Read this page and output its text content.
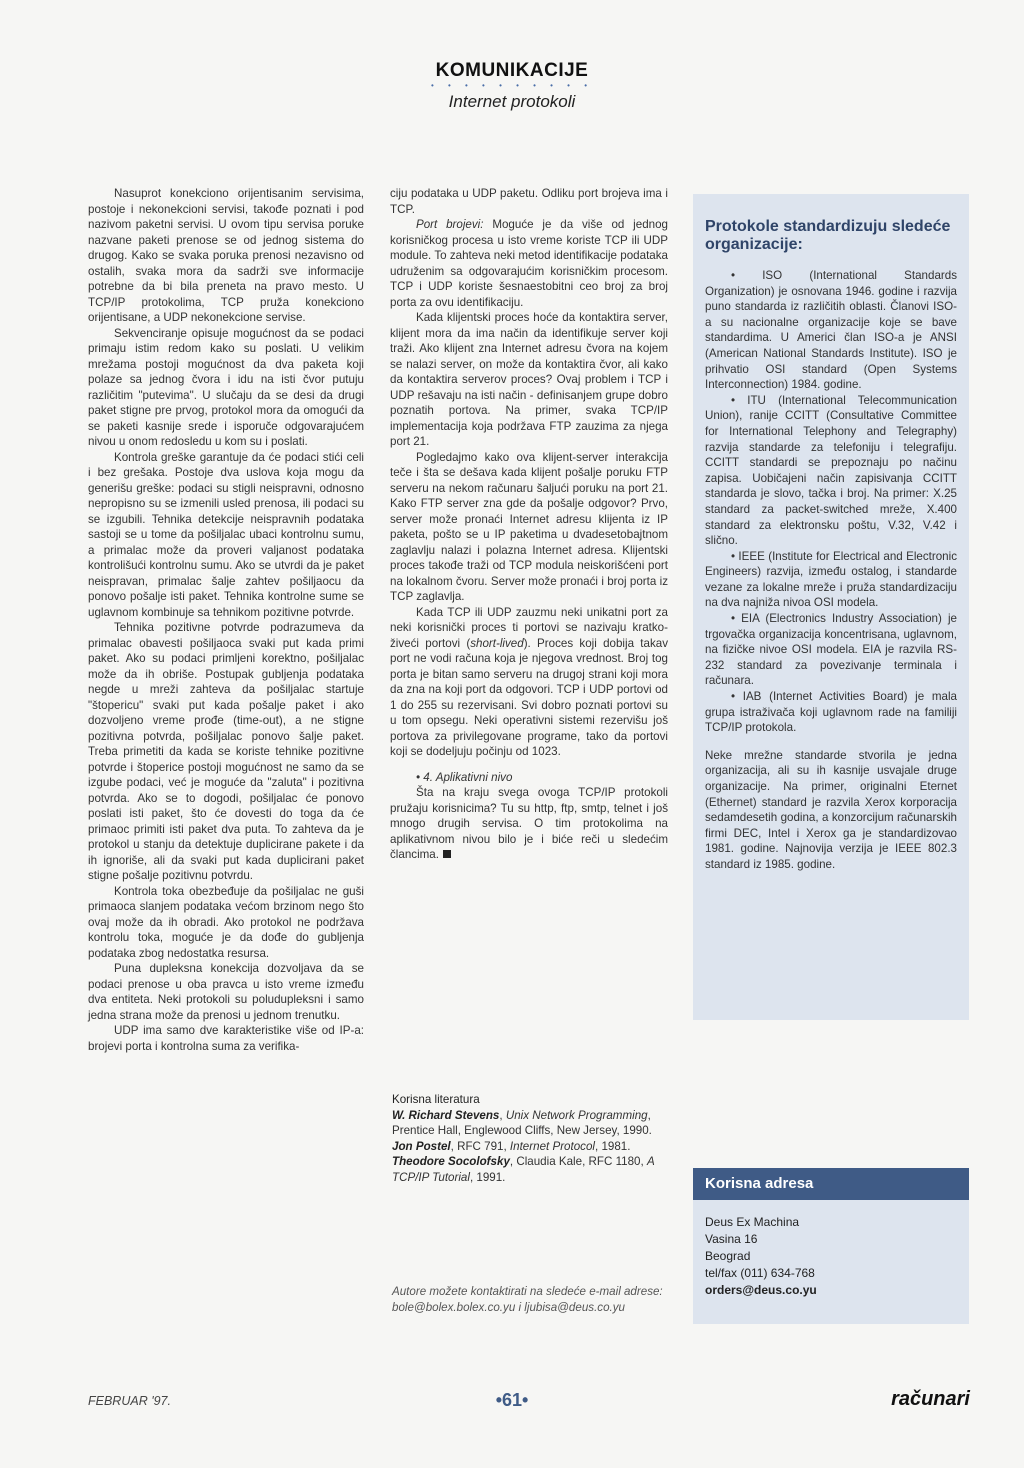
KOMUNIKACIJE
• • • • • • • • • •
Internet protokoli

Nasuprot konekciono orijentisanim servisima, postoje i nekonekcioni servisi, takođe poznati i pod nazivom paketni servisi. U ovom tipu servisa poruke nazvane paketi prenose se od jednog sistema do drugog. Kako se svaka poruka prenosi nezavisno od ostalih, svaka mora da sadrži sve informacije potrebne da bi bila preneta na pravo mesto. U TCP/IP protokolima, TCP pruža konekciono orijentisane, a UDP nekonekcione servise.

Sekvenciranje opisuje mogućnost da se podaci primaju istim redom kako su poslati. U velikim mrežama postoji mogućnost da dva paketa koji polaze sa jednog čvora i idu na isti čvor putuju različitim "putevima". U slučaju da se desi da drugi paket stigne pre prvog, protokol mora da omogući da se paketi kasnije srede i isporuče odgovarajućem nivou u onom redosledu u kom su i poslati.

Kontrola greške garantuje da će podaci stići celi i bez grešaka. Postoje dva uslova koja mogu da generišu greške: podaci su stigli neispravni, odnosno nepropisno su se izmenili usled prenosa, ili podaci su se izgubili. Tehnika detekcije neispravnih podataka sastoji se u tome da pošiljalac ubaci kontrolnu sumu, a primalac može da proveri valjanost podataka kontrolišući kontrolnu sumu. Ako se utvrdi da je paket neispravan, primalac šalje zahtev pošiljaocu da ponovo pošalje isti paket. Tehnika kontrolne sume se uglavnom kombinuje sa tehnikom pozitivne potvrde.

Tehnika pozitivne potvrde podrazumeva da primalac obavesti pošiljaoca svaki put kada primi paket. Ako su podaci primljeni korektno, pošiljalac može da ih obriše. Postupak gubljenja podataka negde u mreži zahteva da pošiljalac startuje "štopericu" svaki put kada pošalje paket i ako dozvoljeno vreme prođe (time-out), a ne stigne pozitivna potvrda, pošiljalac ponovo šalje paket. Treba primetiti da kada se koriste tehnike pozitivne potvrde i štoperice postoji mogućnost ne samo da se izgube podaci, već je moguće da "zaluta" i pozitivna potvrda. Ako se to dogodi, pošiljalac će ponovo poslati isti paket, što će dovesti do toga da će primaoc primiti isti paket dva puta. To zahteva da je protokol u stanju da detektuje duplicirane pakete i da ih ignoriše, ali da svaki put kada duplicirani paket stigne pošalje pozitivnu potvrdu.

Kontrola toka obezbeđuje da pošiljalac ne guši primaoca slanjem podataka većom brzinom nego što ovaj može da ih obradi. Ako protokol ne podržava kontrolu toka, moguće je da dođe do gubljenja podataka zbog nedostatka resursa.

Puna dupleksna konekcija dozvoljava da se podaci prenose u oba pravca u isto vreme između dva entiteta. Neki protokoli su poludupleksni i samo jedna strana može da prenosi u jednom trenutku.

UDP ima samo dve karakteristike više od IP-a: brojevi porta i kontrolna suma za verifika-

ciju podataka u UDP paketu. Odliku port broјeva ima i TCP.

Port brojevi: Moguće je da više od jednog korisničkog procesa u isto vreme koriste TCP ili UDP module. To zahteva neki metod identifikacije podataka udruženim sa odgovarajućim korisničkim procesom. TCP i UDP koriste šesnaestobitni ceo broj za broj porta za ovu identifikaciju.

Kada klijentski proces hoće da kontaktira server, klijent mora da ima način da identifikuje server koji traži. Ako klijent zna Internet adresu čvora na kojem se nalazi server, on može da kontaktira čvor, ali kako da kontaktira serverov proces? Ovaj problem i TCP i UDP rešavaju na isti način - definisanjem grupe dobro poznatih portova. Na primer, svaka TCP/IP implementacija koja podržava FTP zauzima za njega port 21.

Pogledajmo kako ova klijent-server interakcija teče i šta se dešava kada klijent pošalje poruku FTP serveru na nekom računaru šaljući poruku na port 21. Kako FTP server zna gde da pošalje odgovor? Prvo, server može pronaći Internet adresu klijenta iz IP paketa, pošto se u IP paketima u dvadesetobajtnom zaglavlju nalazi i polazna Internet adresa. Klijentski proces takođe traži od TCP modula neiskorišćeni port na lokalnom čvoru. Server može pronaći i broj porta iz TCP zaglavlja.

Kada TCP ili UDP zauzmu neki unikatni port za neki korisnički proces ti portovi se nazivaju kratko-živeći portovi (short-lived). Proces koji dobija takav port ne vodi računa koja je njegova vrednost. Broj tog porta je bitan samo serveru na drugoj strani koji mora da zna na koji port da odgovori. TCP i UDP portovi od 1 do 255 su rezervisani. Svi dobro poznati portovi su u tom opsegu. Neki operativni sistemi rezervišu još portova za privilegovane programe, tako da portovi koji se dodeljuju počinju od 1023.

• 4. Aplikativni nivo

Šta na kraju svega ovoga TCP/IP protokoli pružaju korisnicima? Tu su http, ftp, smtp, telnet i još mnogo drugih servisa. O tim protokolima na aplikativnom nivou bilo je i biće reči u sledećim člancima.

Korisna literatura

W. Richard Stevens, Unix Network Programming, Prentice Hall, Englewood Cliffs, New Jersey, 1990.

Jon Postel, RFC 791, Internet Protocol, 1981.

Theodore Socolofsky, Claudia Kale, RFC 1180, A TCP/IP Tutorial, 1991.

Autore možete kontaktirati na sledeće e-mail adrese: bole@bolex.bolex.co.yu i ljubisa@deus.co.yu
Protokole standardizuju sledeće organizacije:

• ISO (International Standards Organization) je osnovana 1946. godine i razvija puno standarda iz različitih oblasti. Članovi ISO-a su nacionalne organizacije koje se bave standardima. U Americi član ISO-a je ANSI (American National Standards Institute). ISO je prihvatio OSI standard (Open Systems Interconnection) 1984. godine.

• ITU (International Telecommunication Union), ranije CCITT (Consultative Committee for International Telephony and Telegraphy) razvija standarde za telefoniju i telegrafiju. CCITT standardi se prepoznaju po načinu zapisa. Uobičajeni način zapisivanja CCITT standarda je slovo, tačka i broj. Na primer: X.25 standard za packet-switched mreže, X.400 standard za elektronsku poštu, V.32, V.42 i slično.

• IEEE (Institute for Electrical and Electronic Engineers) razvija, između ostalog, i standarde vezane za lokalne mreže i pruža standardizaciju na dva najniža nivoa OSI modela.

• EIA (Electronics Industry Association) je trgovačka organizacija koncentrisana, uglavnom, na fizičke nivoe OSI modela. EIA je razvila RS-232 standard za povezivanje terminala i računara.

• IAB (Internet Activities Board) je mala grupa istraživača koji uglavnom rade na familiji TCP/IP protokola.

Neke mrežne standarde stvorila je jedna organizacija, ali su ih kasnije usvajale druge organizacije. Na primer, originalni Eternet (Ethernet) standard je razvila Xerox korporacija sedamdesetih godina, a konzorcijum računarskih firmi DEC, Intel i Xerox ga je standardizovao 1981. godine. Najnovija verzija je IEEE 802.3 standard iz 1985. godine.

Korisna adresa
Deus Ex Machina
Vasina 16
Beograd
tel/fax (011) 634-768
orders@deus.co.yu
FEBRUAR '97.	•61•	računari
